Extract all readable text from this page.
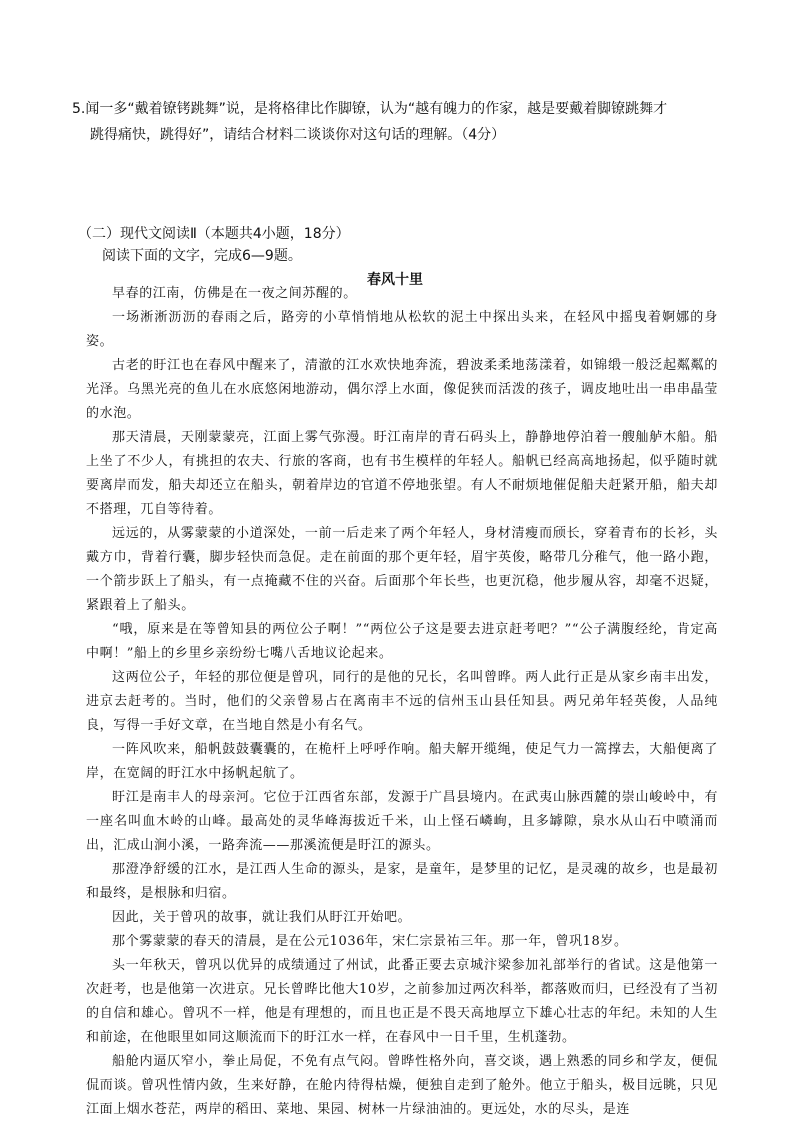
5.闻一多“戴着镣铐跳舞”说，是将格律比作脚镣，认为“越有魄力的作家，越是要戴着脚镣跳舞才
跳得痛快，跳得好”，请结合材料二谈谈你对这句话的理解。（4分）
（二）现代文阅读Ⅱ（本题共4小题，18分）
阅读下面的文字，完成6—9题。
春风十里

早春的江南，仿佛是在一夜之间苏醒的。

一场淅淅沥沥的春雨之后，路旁的小草悄悄地从松软的泥土中探出头来，在轻风中摇曳着婀娜的身姿。

古老的盱江也在春风中醒来了，清澈的江水欢快地奔流，碧波柔柔地荡漾着，如锦缎一般泛起粼粼的光泽。乌黑光亮的鱼儿在水底悠闲地游动，偶尔浮上水面，像促狭而活泼的孩子，调皮地吐出一串串晶莹的水泡。

那天清晨，天刚蒙蒙亮，江面上雾气弥漫。盱江南岸的青石码头上，静静地停泊着一艘舢舻木船。船上坐了不少人，有挑担的农夫、行旅的客商，也有书生模样的年轻人。船帆已经高高地扬起，似乎随时就要离岸而发，船夫却还立在船头，朝着岸边的官道不停地张望。有人不耐烦地催促船夫赶紧开船，船夫却不搭理，兀自等待着。

远远的，从雾蒙蒙的小道深处，一前一后走来了两个年轻人，身材清瘦而颀长，穿着青布的长衫，头戴方巾，背着行囊，脚步轻快而急促。走在前面的那个更年轻，眉宇英俊，略带几分稚气，他一路小跑，一个箭步跃上了船头，有一点掩藏不住的兴奋。后面那个年长些，也更沉稳，他步履从容，却毫不迟疑，紧跟着上了船头。

“哦，原来是在等曾知县的两位公子啊！”“两位公子这是要去进京赶考吧？”“公子满腹经纶，肯定高中啊！”船上的乡里乡亲纷纷七嘴八舌地议论起来。

这两位公子，年轻的那位便是曾巩，同行的是他的兄长，名叫曾晔。两人此行正是从家乡南丰出发，进京去赶考的。当时，他们的父亲曾易占在离南丰不远的信州玉山县任知县。两兄弟年轻英俊，人品纯良，写得一手好文章，在当地自然是小有名气。

一阵风吹来，船帆鼓鼓囊囊的，在桅杆上呼呼作响。船夫解开缆绳，使足气力一篙撑去，大船便离了岸，在宽阔的盱江水中扬帆起航了。

盱江是南丰人的母亲河。它位于江西省东部，发源于广昌县境内。在武夷山脉西麓的崇山峻岭中，有一座名叫血木岭的山峰。最高处的灵华峰海拔近千米，山上怪石嶙峋，且多罅隙，泉水从山石中喷涌而出，汇成山涧小溪，一路奔流——那溪流便是盱江的源头。

那澄净舒缓的江水，是江西人生命的源头，是家，是童年，是梦里的记忆，是灵魂的故乡，也是最初和最终，是根脉和归宿。

因此，关于曾巩的故事，就让我们从盱江开始吧。

那个雾蒙蒙的春天的清晨，是在公元1036年，宋仁宗景祐三年。那一年，曾巩18岁。

头一年秋天，曾巩以优异的成绩通过了州试，此番正要去京城汴梁参加礼部举行的省试。这是他第一次赶考，也是他第一次进京。兄长曾晔比他大10岁，之前参加过两次科举，都落败而归，已经没有了当初的自信和雄心。曾巩不一样，他是有理想的，而且也正是不畏天高地厚立下雄心壮志的年纪。未知的人生和前途，在他眼里如同这顺流而下的盱江水一样，在春风中一日千里，生机蓬勃。

船舱内逼仄窄小，拳止局促，不免有点气闷。曾晔性格外向，喜交谈，遇上熟悉的同乡和学友，便侃侃而谈。曾巩性情内敛，生来好静，在舱内待得枯燥，便独自走到了舱外。他立于船头，极目远眺，只见江面上烟水苍茫，两岸的稻田、菜地、果园、树林一片绿油油的。更远处，水的尽头，是连
